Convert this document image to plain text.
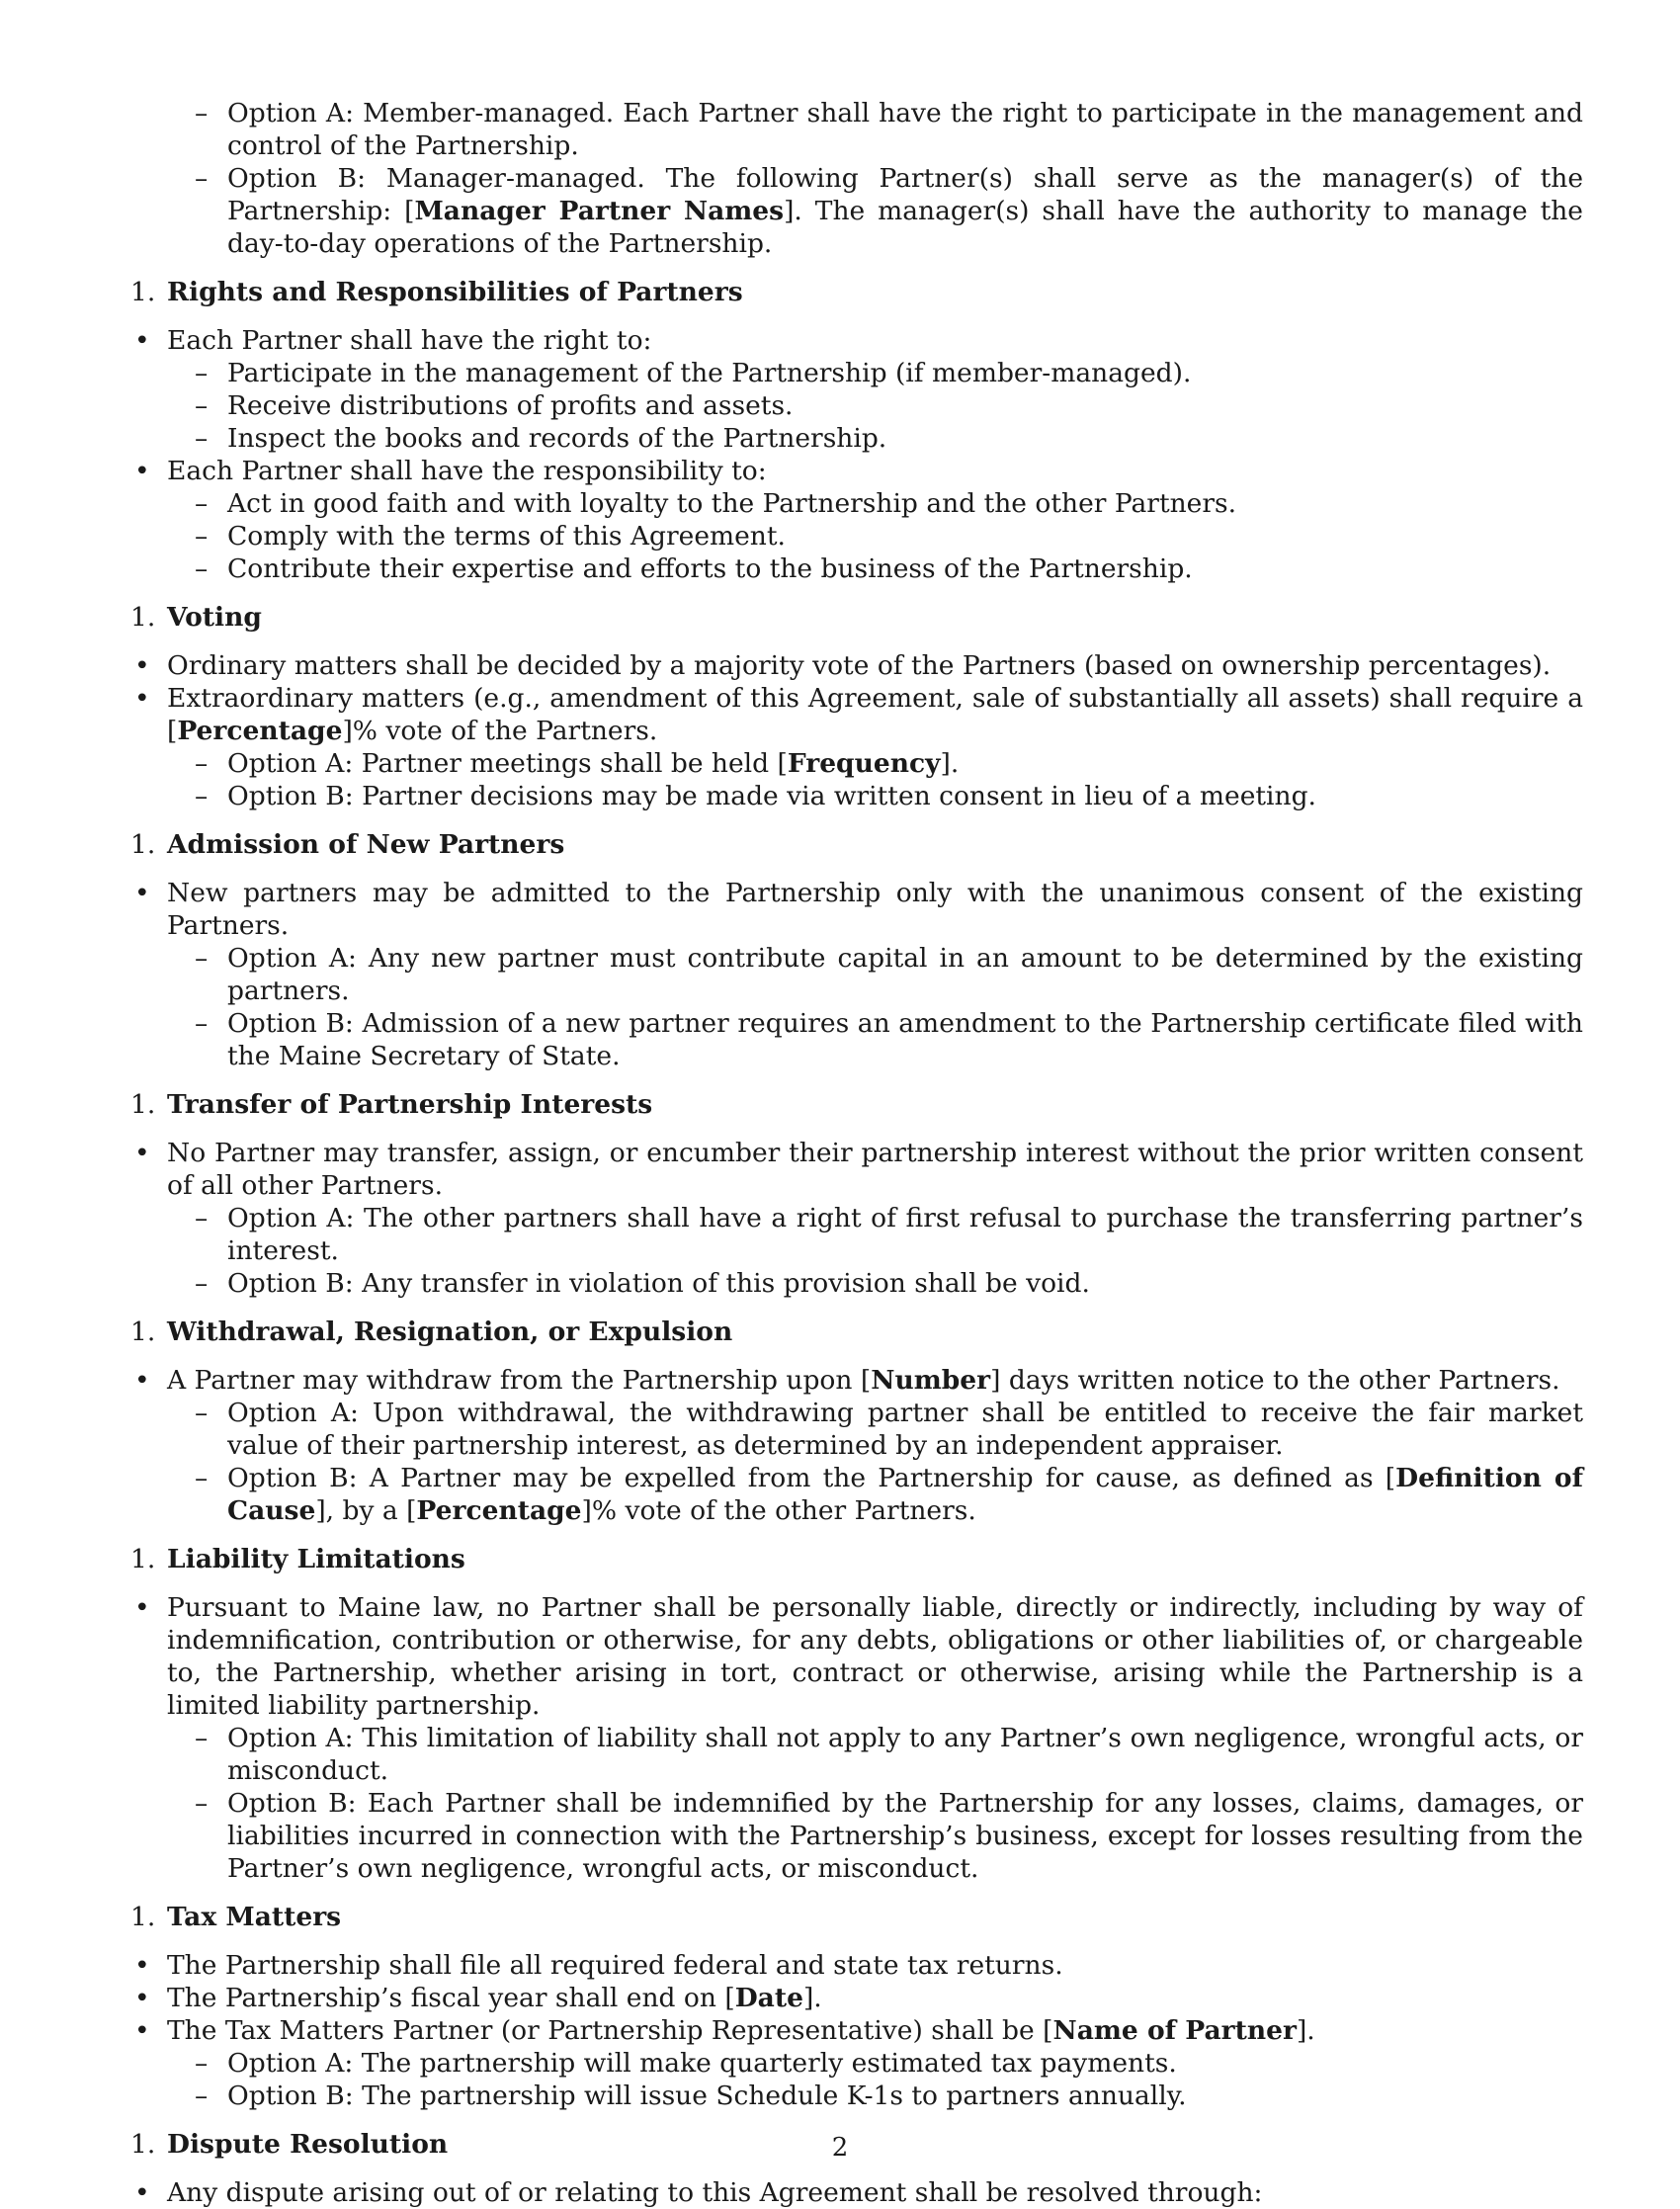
– Option A: Member-managed. Each Partner shall have the right to participate in the management and control of the Partnership.
– Option B: Manager-managed. The following Partner(s) shall serve as the manager(s) of the Partnership: [Manager Partner Names]. The manager(s) shall have the authority to manage the day-to-day operations of the Partnership.
1. Rights and Responsibilities of Partners
• Each Partner shall have the right to:
– Participate in the management of the Partnership (if member-managed).
– Receive distributions of profits and assets.
– Inspect the books and records of the Partnership.
• Each Partner shall have the responsibility to:
– Act in good faith and with loyalty to the Partnership and the other Partners.
– Comply with the terms of this Agreement.
– Contribute their expertise and efforts to the business of the Partnership.
1. Voting
• Ordinary matters shall be decided by a majority vote of the Partners (based on ownership percentages).
• Extraordinary matters (e.g., amendment of this Agreement, sale of substantially all assets) shall require a [Percentage]% vote of the Partners.
– Option A: Partner meetings shall be held [Frequency].
– Option B: Partner decisions may be made via written consent in lieu of a meeting.
1. Admission of New Partners
• New partners may be admitted to the Partnership only with the unanimous consent of the existing Partners.
– Option A: Any new partner must contribute capital in an amount to be determined by the existing partners.
– Option B: Admission of a new partner requires an amendment to the Partnership certificate filed with the Maine Secretary of State.
1. Transfer of Partnership Interests
• No Partner may transfer, assign, or encumber their partnership interest without the prior written consent of all other Partners.
– Option A: The other partners shall have a right of first refusal to purchase the transferring partner’s interest.
– Option B: Any transfer in violation of this provision shall be void.
1. Withdrawal, Resignation, or Expulsion
• A Partner may withdraw from the Partnership upon [Number] days written notice to the other Partners.
– Option A: Upon withdrawal, the withdrawing partner shall be entitled to receive the fair market value of their partnership interest, as determined by an independent appraiser.
– Option B: A Partner may be expelled from the Partnership for cause, as defined as [Definition of Cause], by a [Percentage]% vote of the other Partners.
1. Liability Limitations
• Pursuant to Maine law, no Partner shall be personally liable, directly or indirectly, including by way of indemnification, contribution or otherwise, for any debts, obligations or other liabilities of, or chargeable to, the Partnership, whether arising in tort, contract or otherwise, arising while the Partnership is a limited liability partnership.
– Option A: This limitation of liability shall not apply to any Partner’s own negligence, wrongful acts, or misconduct.
– Option B: Each Partner shall be indemnified by the Partnership for any losses, claims, damages, or liabilities incurred in connection with the Partnership’s business, except for losses resulting from the Partner’s own negligence, wrongful acts, or misconduct.
1. Tax Matters
• The Partnership shall file all required federal and state tax returns.
• The Partnership’s fiscal year shall end on [Date].
• The Tax Matters Partner (or Partnership Representative) shall be [Name of Partner].
– Option A: The partnership will make quarterly estimated tax payments.
– Option B: The partnership will issue Schedule K-1s to partners annually.
1. Dispute Resolution
• Any dispute arising out of or relating to this Agreement shall be resolved through:
2
